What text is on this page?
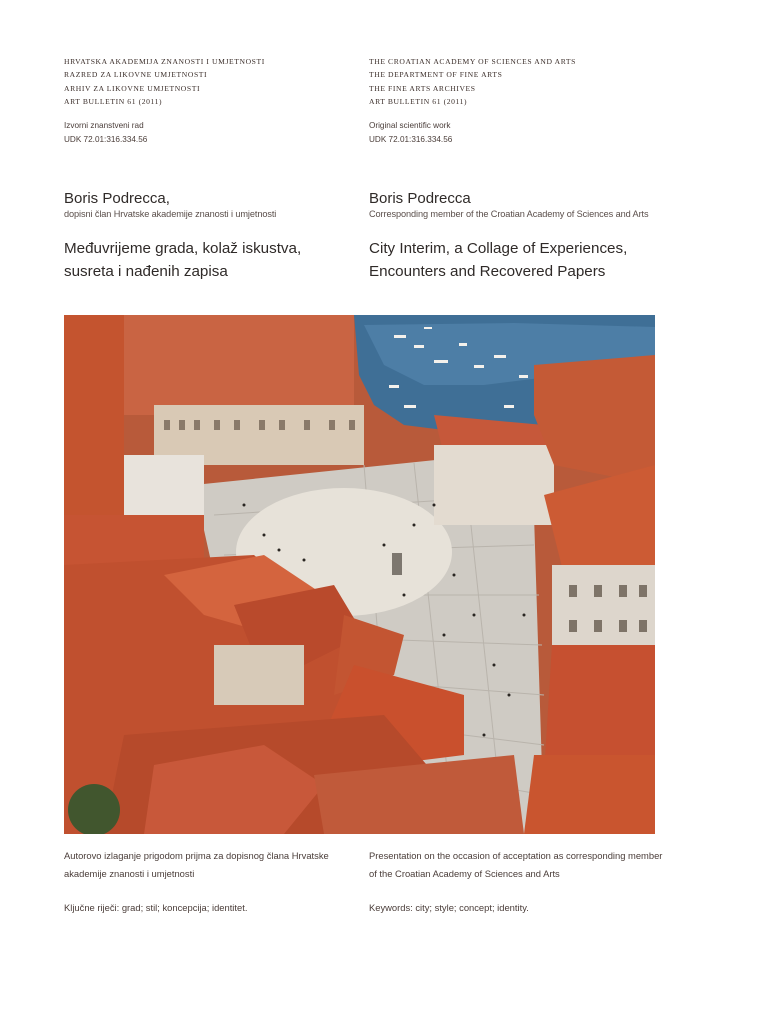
HRVATSKA AKADEMIJA ZNANOSTI I UMJETNOSTI
RAZRED ZA LIKOVNE UMJETNOSTI
ARHIV ZA LIKOVNE UMJETNOSTI
ART BULLETIN 61 (2011)
Izvorni znanstveni rad
UDK 72.01:316.334.56
Boris Podrecca,
dopisni član Hrvatske akademije znanosti i umjetnosti
Međuvrijeme grada, kolaž iskustva,
susreta i nađenih zapisa
THE CROATIAN ACADEMY OF SCIENCES AND ARTS
THE DEPARTMENT OF FINE ARTS
THE FINE ARTS ARCHIVES
ART BULLETIN 61 (2011)
Original scientific work
UDK 72.01:316.334.56
Boris Podrecca
Corresponding member of the Croatian Academy of Sciences and Arts
City Interim, a Collage of Experiences,
Encounters and Recovered Papers
Autorovo izlaganje prigodom prijma za dopisnog člana Hrvatske
akademije znanosti i umjetnosti
Presentation on the occasion of acceptation as corresponding member
of the Croatian Academy of Sciences and Arts
Ključne riječi: grad; stil; koncepcija; identitet.	Keywords: city; style; concept; identity.
